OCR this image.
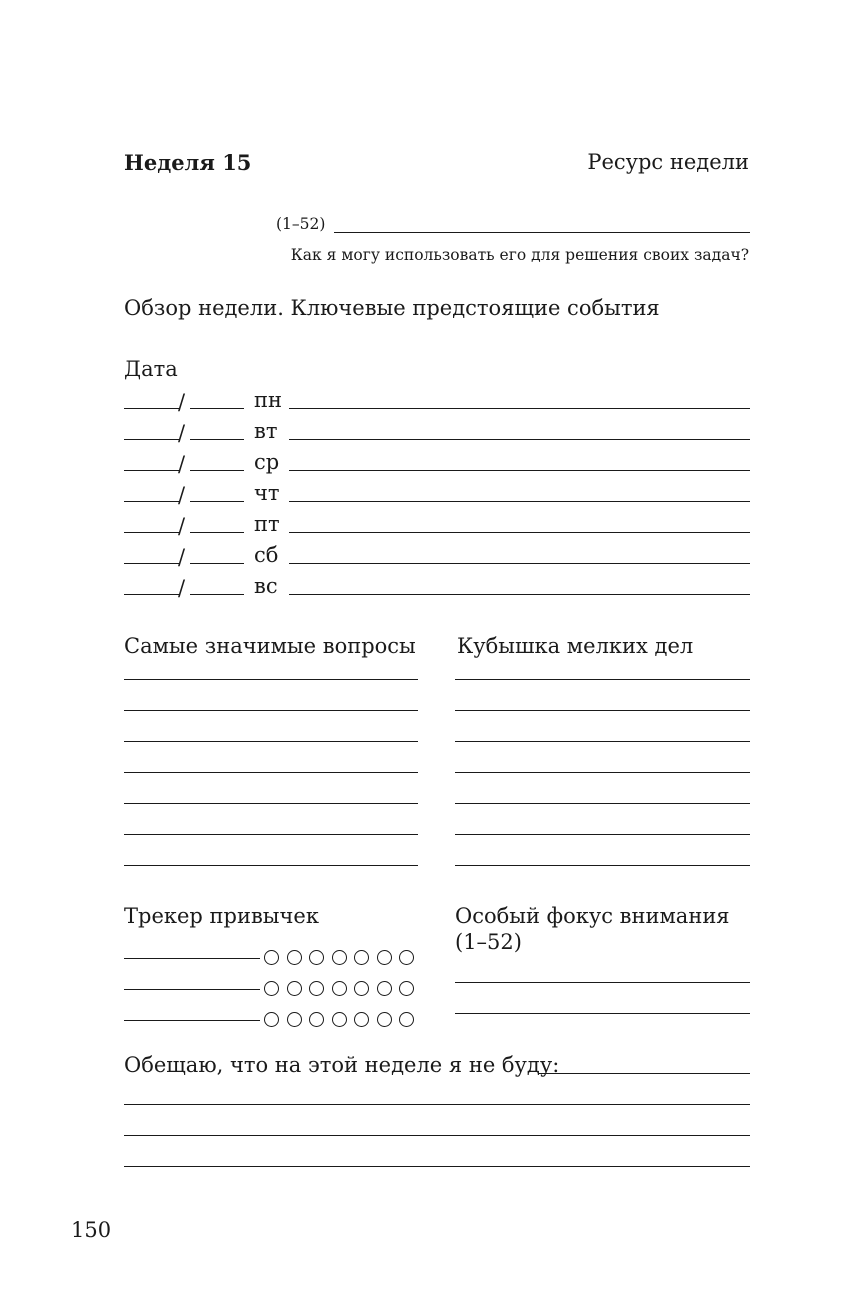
Неделя 15	Ресурс недели
(1–52)
Как я могу использовать его для решения своих задач?
Обзор недели. Ключевые предстоящие события
Дата
/	пн
/	вт
/	ср
/	чт
/	пт
/	сб
/	вс
Самые значимые вопросы Кубышка мелких дел
Трекер привычек	Особый фокус внимания
(1–52)
Обещаю, что на этой неделе я не буду:
150
